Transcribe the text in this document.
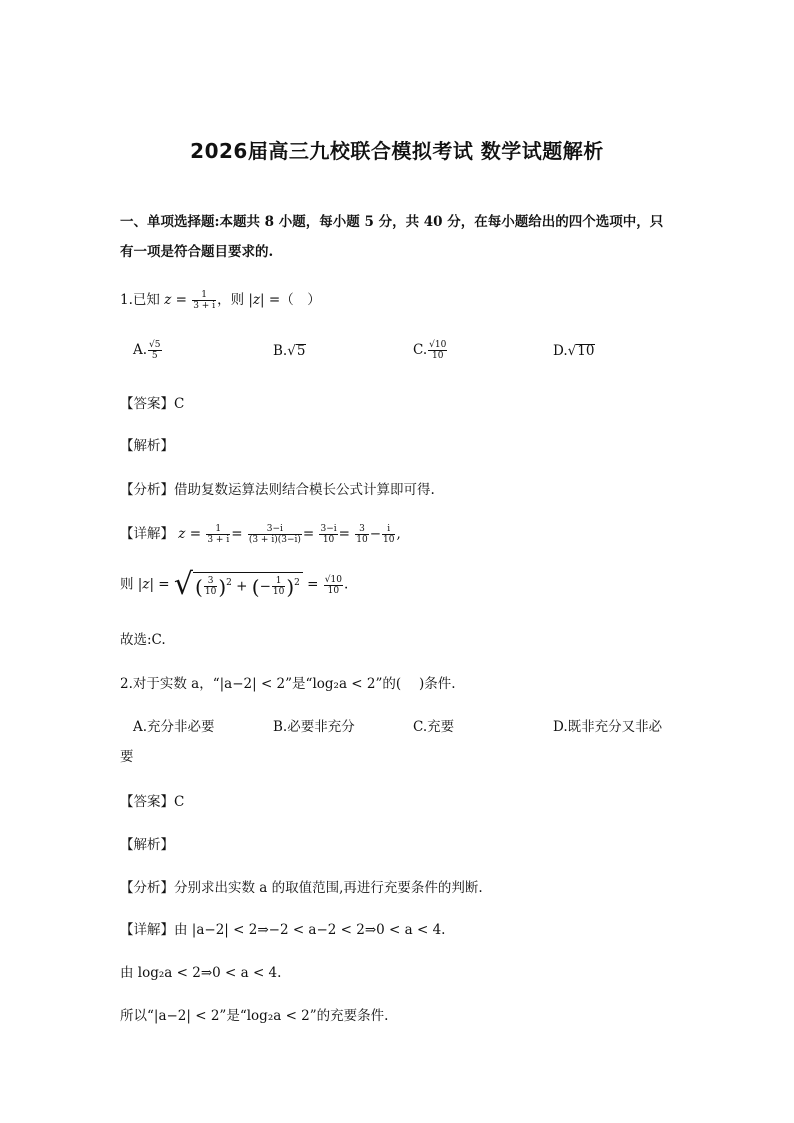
2026届高三九校联合模拟考试 数学试题解析
一、单项选择题:本题共 8 小题，每小题 5 分，共 40 分，在每小题给出的四个选项中，只
有一项是符合题目要求的.
1.已知 $z = \frac{1}{3 + i}$ ，则 |z| =（　）
A. $\frac{√5}{5}$	B.√5	C. $\frac{√10}{10}$	D.√10
【答案】C
【解析】
【分析】借助复数运算法则结合模长公式计算即可得.
【详解】 $z = \frac{1}{3 + i} = \frac{3-i}{(3 + i)(3-i)} = \frac{3-i}{10} = \frac{3}{10} - \frac{i}{10}$ ,
则 |z| = √ ( $\frac{3}{10} )^2$ + (− $\frac{1}{10} )^2 = \frac{√10}{10}$ .
故选:C.
2.对于实数 a，“|a−2| < 2”是“log₂a < 2”的(　 )条件.
A.充分非必要	B.必要非充分	C.充要	D.既非充分又非必
要
【答案】C
【解析】
【分析】分别求出实数 a 的取值范围,再进行充要条件的判断.
【详解】由 |a−2| < 2⇒−2 < a−2 < 2⇒0 < a < 4.
由 log₂a < 2⇒0 < a < 4.
所以“|a−2| < 2”是“log₂a < 2”的充要条件.
